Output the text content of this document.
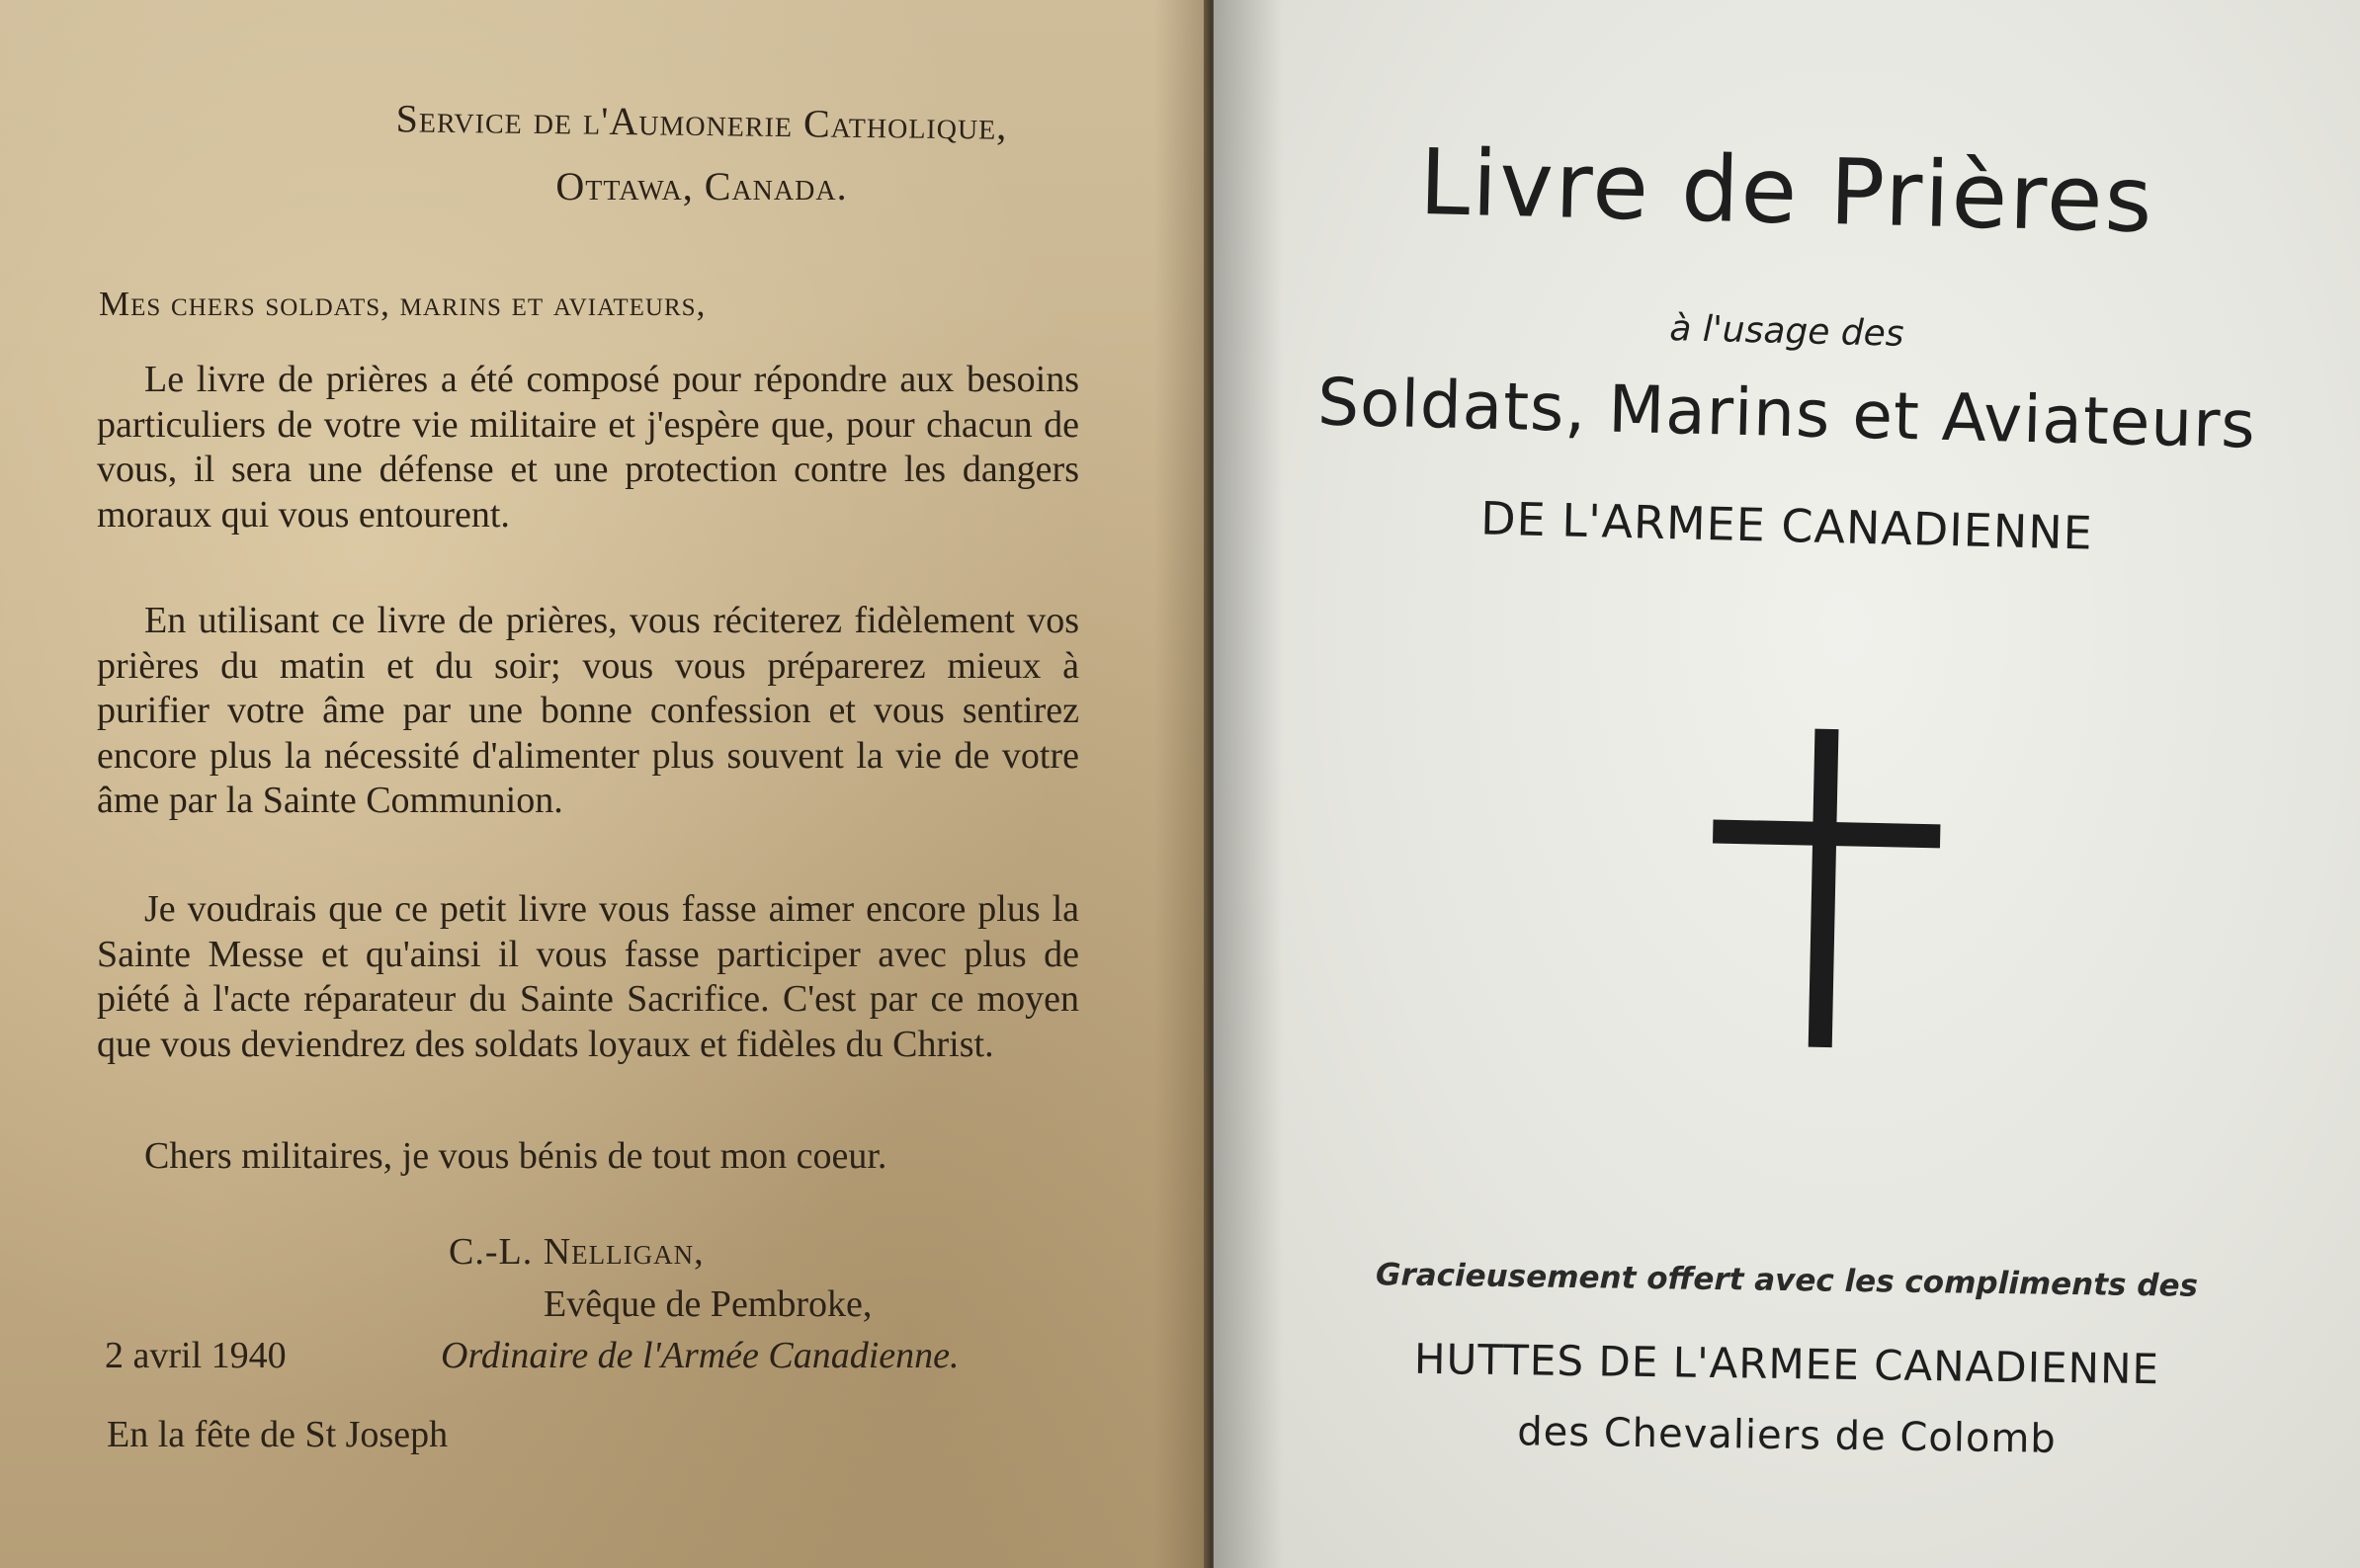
Service de l'Aumonerie Catholique,
Ottawa, Canada.
Mes chers soldats, marins et aviateurs,
Le livre de prières a été composé pour répondre aux besoins particuliers de votre vie militaire et j'espère que, pour chacun de vous, il sera une défense et une protection contre les dangers moraux qui vous entourent.
En utilisant ce livre de prières, vous réciterez fidèlement vos prières du matin et du soir; vous vous préparerez mieux à purifier votre âme par une bonne confession et vous sentirez encore plus la nécessité d'alimenter plus souvent la vie de votre âme par la Sainte Communion.
Je voudrais que ce petit livre vous fasse aimer encore plus la Sainte Messe et qu'ainsi il vous fasse participer avec plus de piété à l'acte réparateur du Sainte Sacrifice. C'est par ce moyen que vous deviendrez des soldats loyaux et fidèles du Christ.
Chers militaires, je vous bénis de tout mon coeur.
C.-L. Nelligan,
Evêque de Pembroke,
2 avril 1940	Ordinaire de l'Armée Canadienne.
En la fête de St Joseph
Livre de Prières
à l'usage des
Soldats, Marins et Aviateurs
DE L'ARMEE CANADIENNE
Gracieusement offert avec les compliments des
HUTTES DE L'ARMEE CANADIENNE
des Chevaliers de Colomb
